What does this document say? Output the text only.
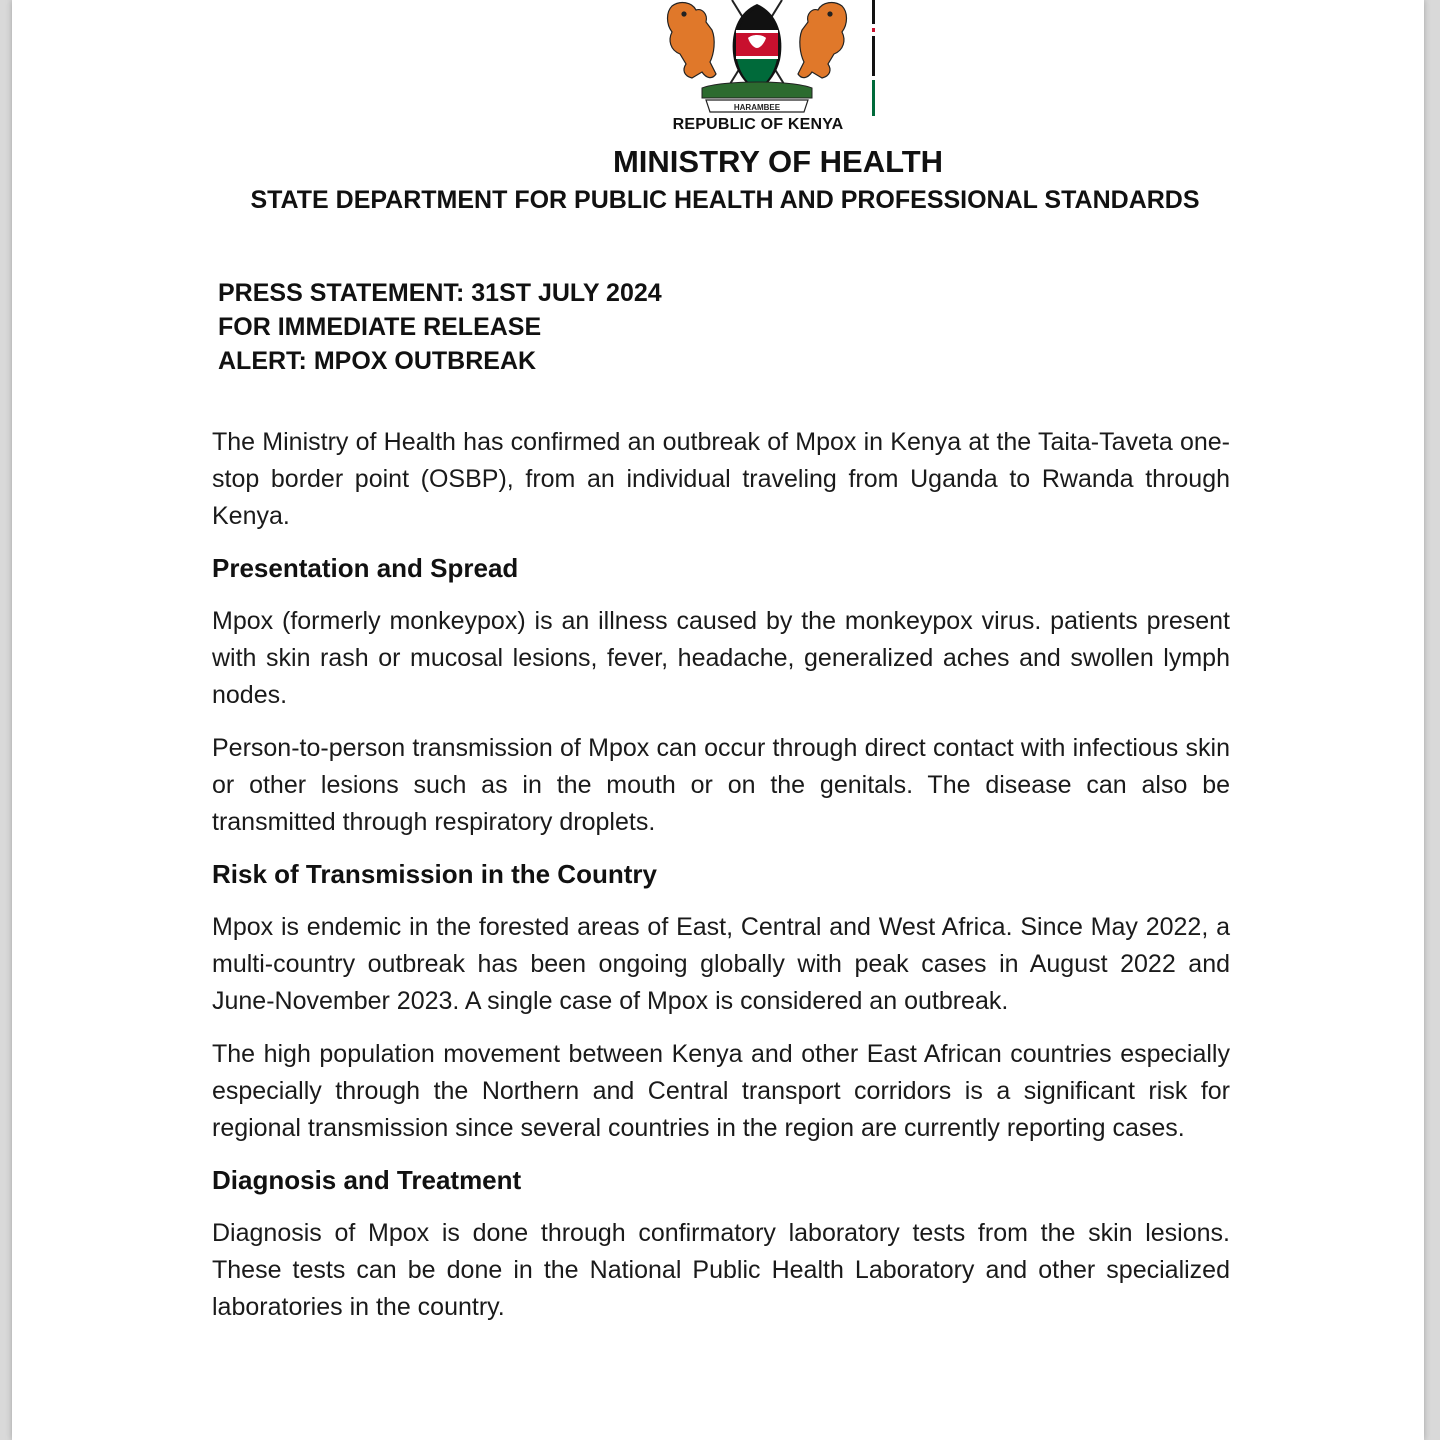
HARAMBEE
REPUBLIC OF KENYA
MINISTRY OF HEALTH
STATE DEPARTMENT FOR PUBLIC HEALTH AND PROFESSIONAL STANDARDS
PRESS STATEMENT: 31ST JULY 2024
FOR IMMEDIATE RELEASE
ALERT: MPOX OUTBREAK

The Ministry of Health has confirmed an outbreak of Mpox in Kenya at the Taita-Taveta one-stop border point (OSBP), from an individual traveling from Uganda to Rwanda through Kenya.

Presentation and Spread

Mpox (formerly monkeypox) is an illness caused by the monkeypox virus. patients present with skin rash or mucosal lesions, fever, headache, generalized aches and swollen lymph nodes.

Person-to-person transmission of Mpox can occur through direct contact with infectious skin or other lesions such as in the mouth or on the genitals. The disease can also be transmitted through respiratory droplets.

Risk of Transmission in the Country

Mpox is endemic in the forested areas of East, Central and West Africa. Since May 2022, a multi-country outbreak has been ongoing globally with peak cases in August 2022 and June-November 2023. A single case of Mpox is considered an outbreak.

The high population movement between Kenya and other East African countries especially especially through the Northern and Central transport corridors is a significant risk for regional transmission since several countries in the region are currently reporting cases.

Diagnosis and Treatment

Diagnosis of Mpox is done through confirmatory laboratory tests from the skin lesions. These tests can be done in the National Public Health Laboratory and other specialized laboratories in the country.
